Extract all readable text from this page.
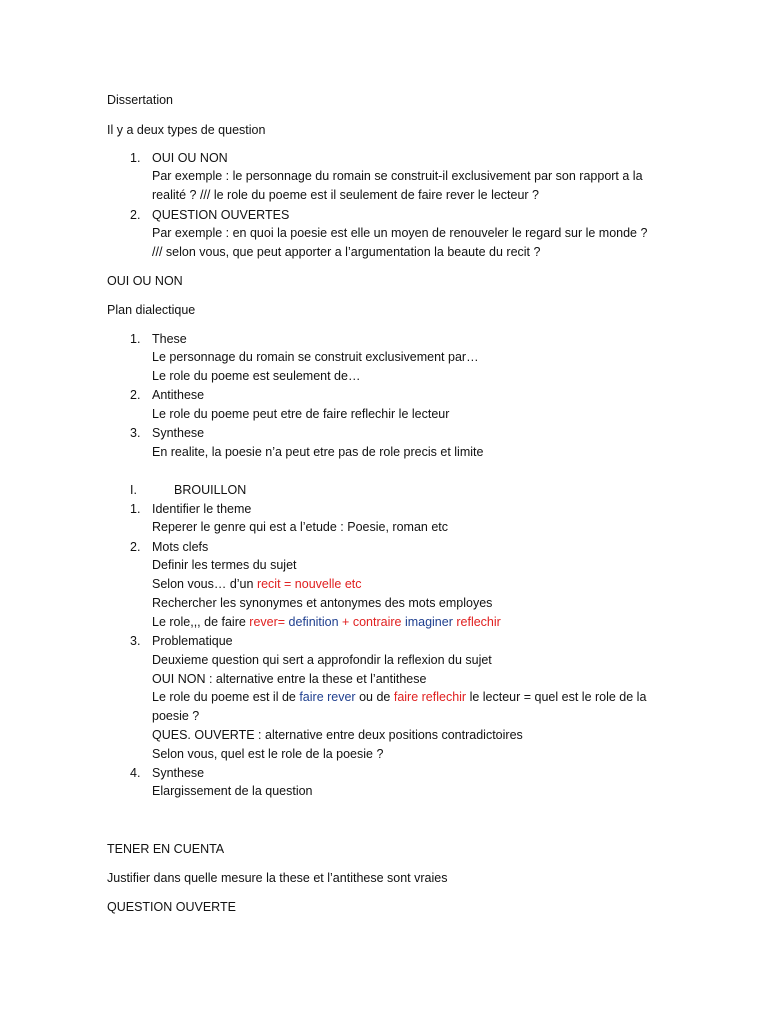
Dissertation
Il y a deux types de question
1. OUI OU NON
Par exemple : le personnage du romain se construit-il exclusivement par son rapport a la
realité ? /// le role du poeme est il seulement de faire rever le lecteur ?
2. QUESTION OUVERTES
Par exemple : en quoi la poesie est elle un moyen de renouveler le regard sur le monde ?
/// selon vous, que peut apporter a l’argumentation la beaute du recit ?
OUI OU NON
Plan dialectique
1. These
Le personnage du romain se construit exclusivement par…
Le role du poeme est seulement de…
2. Antithese
Le role du poeme peut etre de faire reflechir le lecteur
3. Synthese
En realite, la poesie n’a peut etre pas de role precis et limite
I.	BROUILLON
1. Identifier le theme
Reperer le genre qui est a l’etude : Poesie, roman etc
2. Mots clefs
Definir les termes du sujet
Selon vous… d’un recit = nouvelle etc
Rechercher les synonymes et antonymes des mots employes
Le role,,, de faire rever= definition + contraire imaginer reflechir
3. Problematique
Deuxieme question qui sert a approfondir la reflexion du sujet
OUI NON : alternative entre la these et l’antithese
Le role du poeme est il de faire rever ou de faire reflechir le lecteur = quel est le role de la
poesie ?
QUES. OUVERTE : alternative entre deux positions contradictoires
Selon vous, quel est le role de la poesie ?
4. Synthese
Elargissement de la question
TENER EN CUENTA
Justifier dans quelle mesure la these et l’antithese sont vraies
QUESTION OUVERTE
